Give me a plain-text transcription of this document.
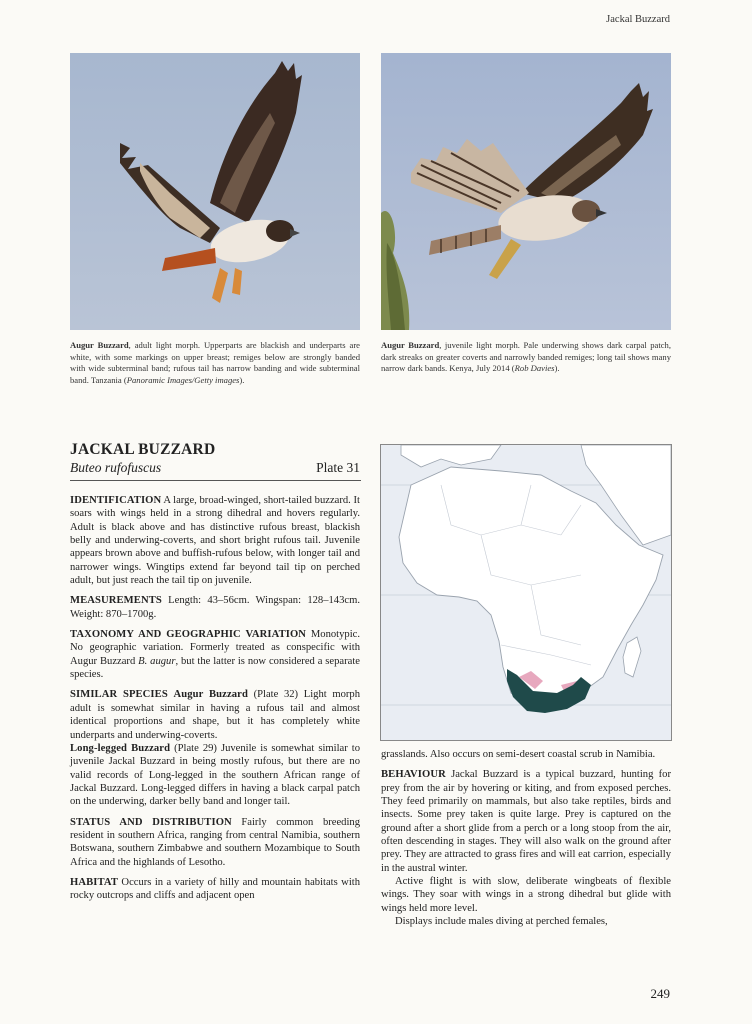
Jackal Buzzard
Augur Buzzard, adult light morph. Upperparts are blackish and underparts are white, with some markings on upper breast; remiges below are strongly banded with wide subterminal band; rufous tail has narrow banding and wide subterminal band. Tanzania (Panoramic Images/Getty images).
Augur Buzzard, juvenile light morph. Pale underwing shows dark carpal patch, dark streaks on greater coverts and narrowly banded remiges; long tail shows many narrow dark bands. Kenya, July 2014 (Rob Davies).
JACKAL BUZZARD
Buteo rufofuscus	Plate 31

IDENTIFICATION A large, broad-winged, short-tailed buzzard. It soars with wings held in a strong dihedral and hovers regularly. Adult is black above and has distinctive rufous breast, blackish belly and underwing-coverts, and short bright rufous tail. Juvenile appears brown above and buffish-rufous below, with longer tail and narrower wings. Wingtips extend far beyond tail tip on perched adult, but just reach the tail tip on juvenile.

MEASUREMENTS Length: 43–56cm. Wingspan: 128–143cm. Weight: 870–1700g.

TAXONOMY AND GEOGRAPHIC VARIATION Monotypic. No geographic variation. Formerly treated as conspecific with Augur Buzzard B. augur, but the latter is now considered a separate species.

SIMILAR SPECIES Augur Buzzard (Plate 32) Light morph adult is somewhat similar in having a rufous tail and almost identical proportions and shape, but it has completely white underparts and underwing-coverts.

Long-legged Buzzard (Plate 29) Juvenile is somewhat similar to juvenile Jackal Buzzard in being mostly rufous, but there are no valid records of Long-legged in the southern African range of Jackal Buzzard. Long-legged differs in having a black carpal patch on the underwing, darker belly band and longer tail.

STATUS AND DISTRIBUTION Fairly common breeding resident in southern Africa, ranging from central Namibia, southern Botswana, southern Zimbabwe and southern Mozambique to South Africa and the highlands of Lesotho.

HABITAT Occurs in a variety of hilly and mountain habitats with rocky outcrops and cliffs and adjacent open

grasslands. Also occurs on semi-desert coastal scrub in Namibia.

BEHAVIOUR Jackal Buzzard is a typical buzzard, hunting for prey from the air by hovering or kiting, and from exposed perches. They feed primarily on mammals, but also take reptiles, birds and insects. Some prey taken is quite large. Prey is captured on the ground after a short glide from a perch or a long stoop from the air, often descending in stages. They will also walk on the ground after prey. They are attracted to grass fires and will eat carrion, especially in the austral winter.

Active flight is with slow, deliberate wingbeats of flexible wings. They soar with wings in a strong dihedral but glide with wings held more level.

Displays include males diving at perched females,

249
